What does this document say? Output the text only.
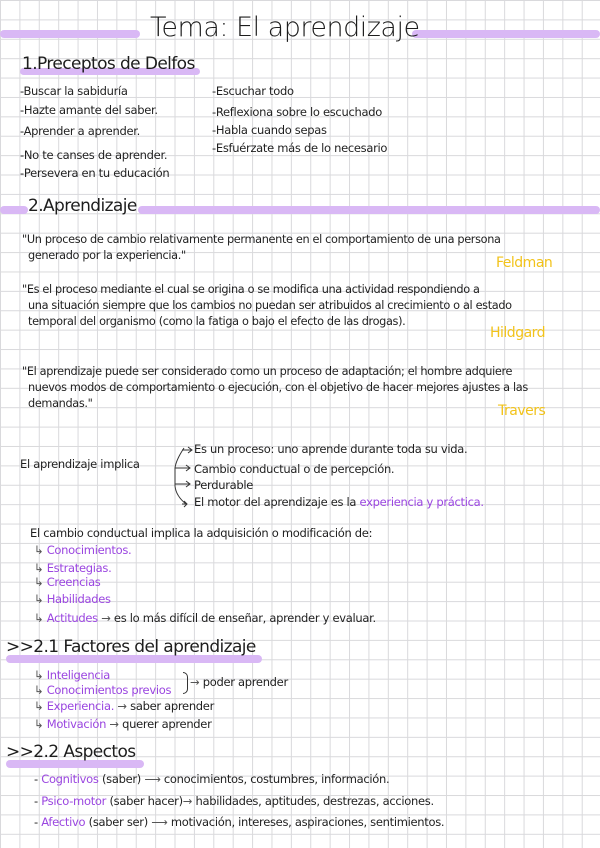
Tema: El aprendizaje
1.Preceptos de Delfos
-Buscar la sabiduría
-Hazte amante del saber.
-Aprender a aprender.
-No te canses de aprender.
-Persevera en tu educación
-Escuchar todo
-Reflexiona sobre lo escuchado
-Habla cuando sepas
-Esfuérzate más de lo necesario
2.Aprendizaje
"Un proceso de cambio relativamente permanente en el comportamiento de una persona
generado por la experiencia."	Feldman
"Es el proceso mediante el cual se origina o se modifica una actividad respondiendo a
una situación siempre que los cambios no puedan ser atribuidos al crecimiento o al estado
temporal del organismo (como la fatiga o bajo el efecto de las drogas).
Hildgard
"El aprendizaje puede ser considerado como un proceso de adaptación; el hombre adquiere
nuevos modos de comportamiento o ejecución, con el objetivo de hacer mejores ajustes a las
demandas."	Travers
El aprendizaje implica
Es un proceso: uno aprende durante toda su vida.
Cambio conductual o de percepción.
Perdurable
El motor del aprendizaje es la experiencia y práctica.
El cambio conductual implica la adquisición o modificación de:
↳ Conocimientos.
↳ Estrategias.
↳ Creencias
↳ Habilidades
↳ Actitudes → es lo más difícil de enseñar, aprender y evaluar.
>>2.1 Factores del aprendizaje
↳ Inteligencia
↳ Conocimientos previos
→ poder aprender
↳ Experiencia. → saber aprender
↳ Motivación → querer aprender
>>2.2 Aspectos
- Cognitivos (saber) ⟶ conocimientos, costumbres, información.
- Psico-motor (saber hacer)→ habilidades, aptitudes, destrezas, acciones.
- Afectivo (saber ser) ⟶ motivación, intereses, aspiraciones, sentimientos.
